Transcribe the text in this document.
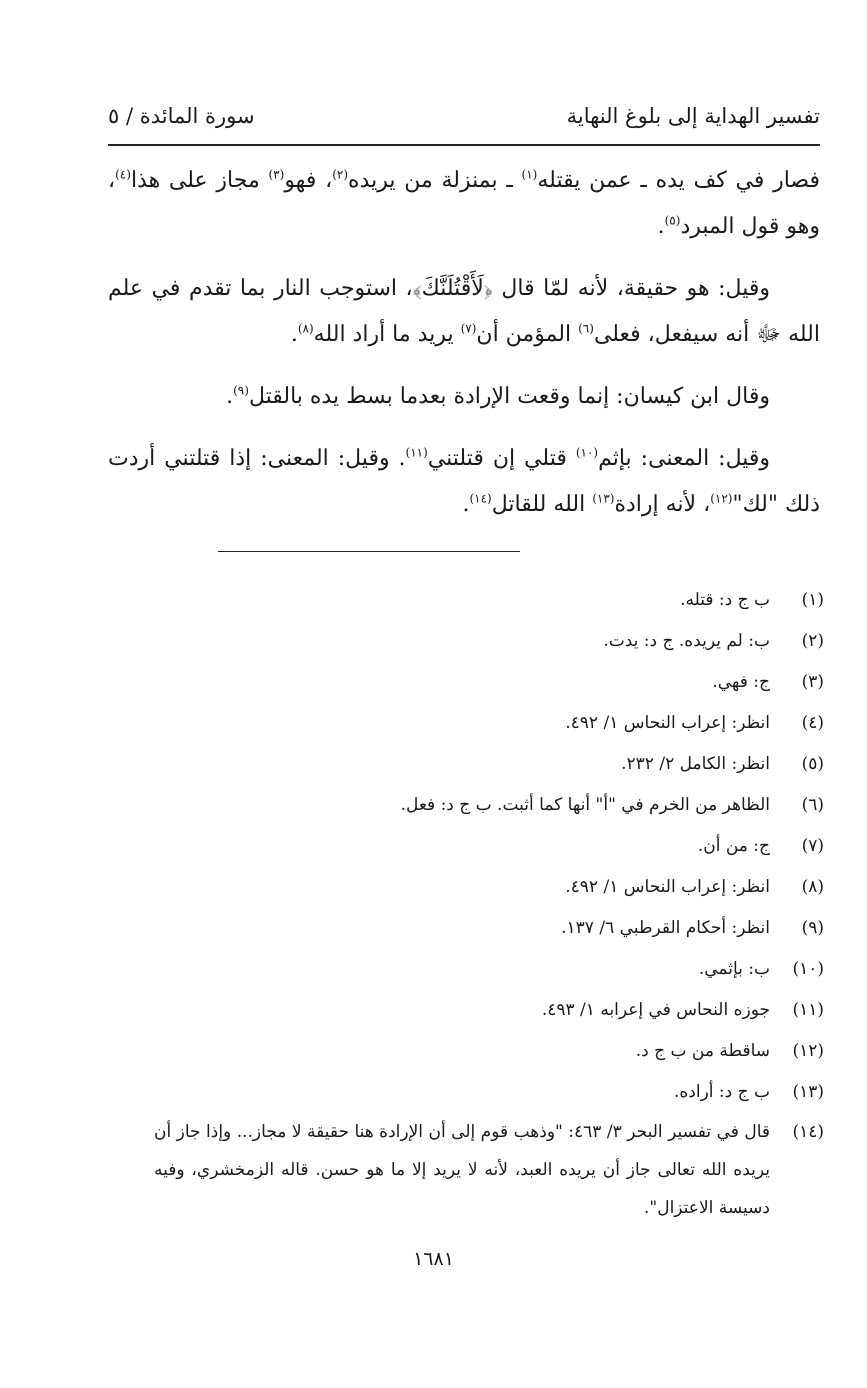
تفسير الهداية إلى بلوغ النهاية
سورة المائدة / ٥

فصار في كف يده ـ عمن يقتله$^{(١)}$ ـ بمنزلة من يريده$^{(٢)}$، فهو$^{(٣)}$ مجاز على هذا$^{(٤)}$، وهو قول المبرد$^{(٥)}$.

وقيل: هو حقيقة، لأنه لمّا قال ﴿لَأَقْتُلَنَّكَ﴾، استوجب النار بما تقدم في علم الله ﷻ أنه سيفعل، فعلى$^{(٦)}$ المؤمن أن$^{(٧)}$ يريد ما أراد الله$^{(٨)}$.

وقال ابن كيسان: إنما وقعت الإرادة بعدما بسط يده بالقتل$^{(٩)}$.

وقيل: المعنى: بإثم$^{(١٠)}$ قتلي إن قتلتني$^{(١١)}$. وقيل: المعنى: إذا قتلتني أردت ذلك "لك"$^{(١٢)}$، لأنه إرادة$^{(١٣)}$ الله للقاتل$^{(١٤)}$.

(١)
ب ج د: قتله.
(٢)
ب: لم يريده. ج د: يدت.
(٣)
ج: فهي.
(٤)
انظر: إعراب النحاس ١/ ٤٩٢.
(٥)
انظر: الكامل ٢/ ٢٣٢.
(٦)
الظاهر من الخرم في "أ" أنها كما أثبت. ب ج د: فعل.
(٧)
ج: من أن.
(٨)
انظر: إعراب النحاس ١/ ٤٩٢.
(٩)
انظر: أحكام القرطبي ٦/ ١٣٧.
(١٠)
ب: بإثمي.
(١١)
جوزه النحاس في إعرابه ١/ ٤٩٣.
(١٢)
ساقطة من ب ج د.
(١٣)
ب ج د: أراده.
(١٤)
قال في تفسير البحر ٣/ ٤٦٣: "وذهب قوم إلى أن الإرادة هنا حقيقة لا مجاز... وإذا جاز أن يريده الله تعالى جاز أن يريده العبد، لأنه لا يريد إلا ما هو حسن. قاله الزمخشري، وفيه دسيسة الاعتزال".
١٦٨١
